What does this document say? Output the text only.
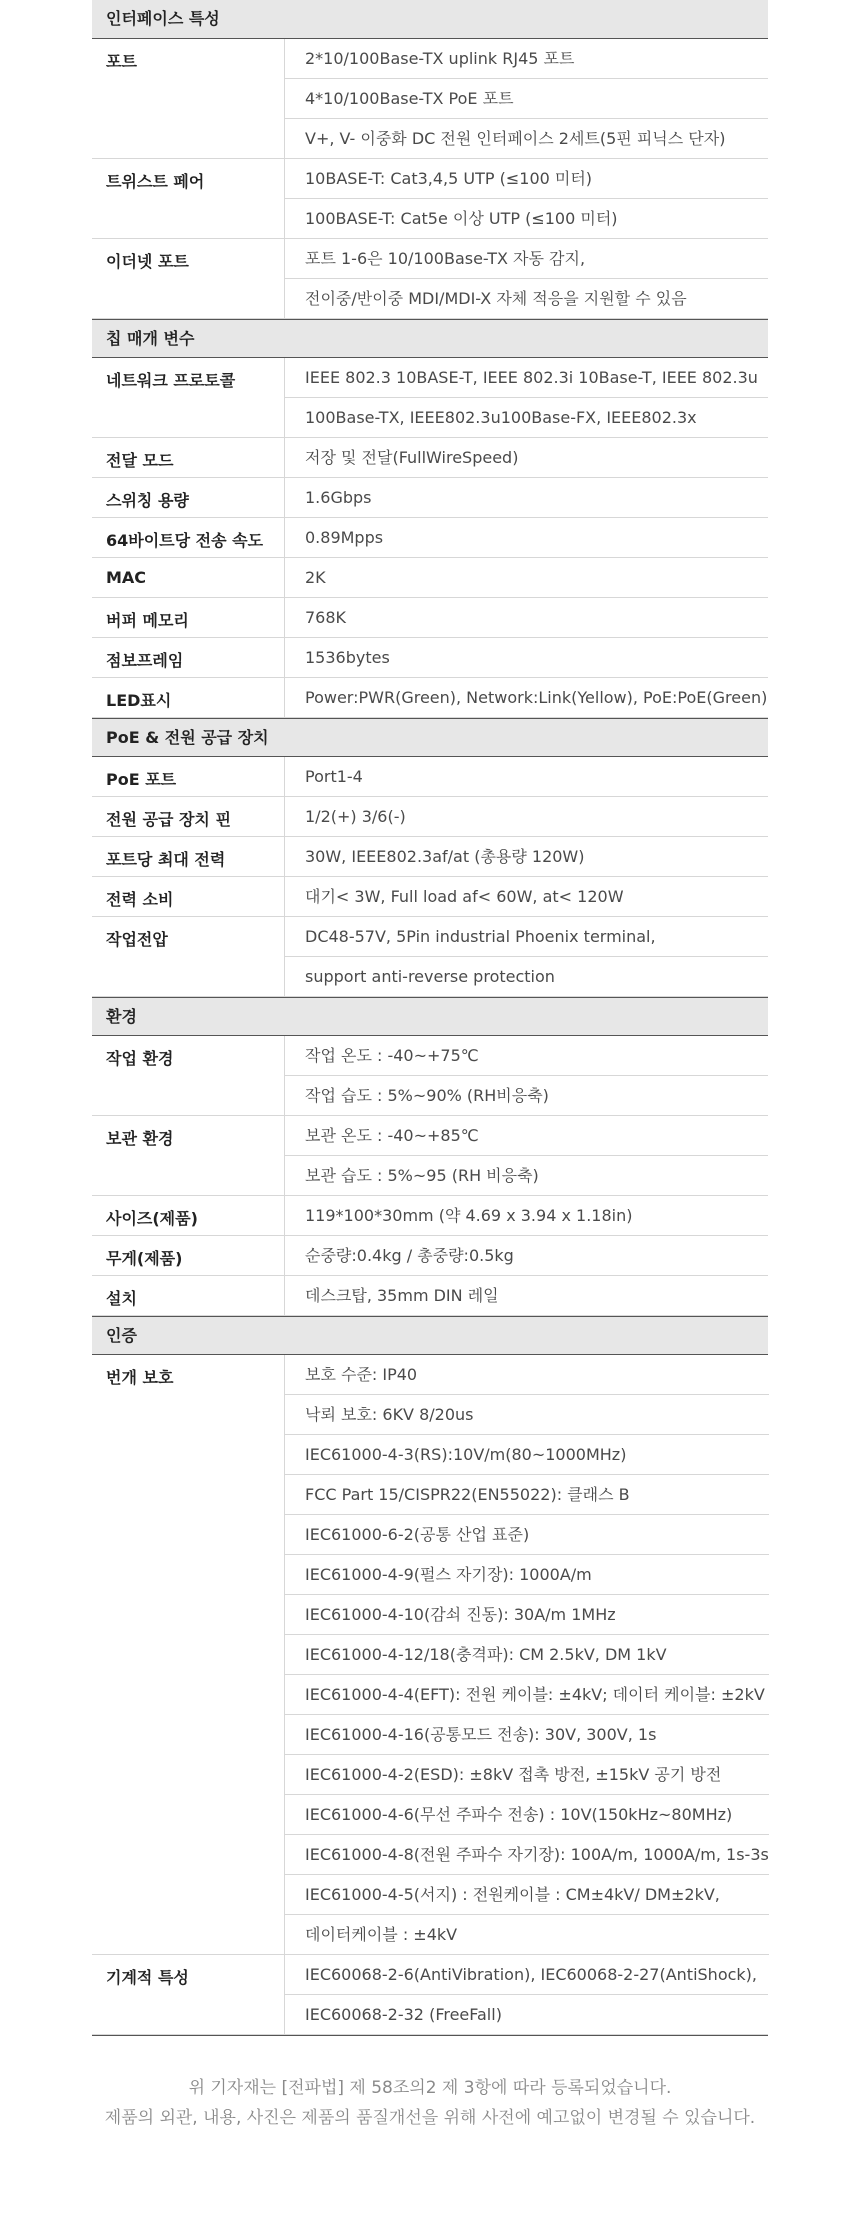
인터페이스 특성
포트	2*10/100Base-TX uplink RJ45 포트
4*10/100Base-TX PoE 포트
V+, V- 이중화 DC 전원 인터페이스 2세트(5핀 피닉스 단자)
트위스트 페어	10BASE-T: Cat3,4,5 UTP (≤100 미터)
100BASE-T: Cat5e 이상 UTP (≤100 미터)
이더넷 포트	포트 1-6은 10/100Base-TX 자동 감지,
전이중/반이중 MDI/MDI-X 자체 적응을 지원할 수 있음
칩 매개 변수
네트워크 프로토콜	IEEE 802.3 10BASE-T, IEEE 802.3i 10Base-T, IEEE 802.3u
100Base-TX, IEEE802.3u100Base-FX, IEEE802.3x
전달 모드	저장 및 전달(FullWireSpeed)
스위칭 용량	1.6Gbps
64바이트당 전송 속도	0.89Mpps
MAC	2K
버퍼 메모리	768K
점보프레임	1536bytes
LED표시	Power:PWR(Green), Network:Link(Yellow), PoE:PoE(Green)
PoE & 전원 공급 장치
PoE 포트	Port1-4
전원 공급 장치 핀	1/2(+) 3/6(-)
포트당 최대 전력	30W, IEEE802.3af/at (총용량 120W)
전력 소비	대기< 3W, Full load af< 60W, at< 120W
작업전압	DC48-57V, 5Pin industrial Phoenix terminal,
support anti-reverse protection
환경
작업 환경	작업 온도 : -40~+75℃
작업 습도 : 5%~90% (RH비응축)
보관 환경	보관 온도 : -40~+85℃
보관 습도 : 5%~95 (RH 비응축)
사이즈(제품)	119*100*30mm (약 4.69 x 3.94 x 1.18in)
무게(제품)	순중량:0.4kg / 총중량:0.5kg
설치	데스크탑, 35mm DIN 레일
인증
번개 보호	보호 수준: IP40
낙뢰 보호: 6KV 8/20us
IEC61000-4-3(RS):10V/m(80~1000MHz)
FCC Part 15/CISPR22(EN55022): 클래스 B
IEC61000-6-2(공통 산업 표준)
IEC61000-4-9(펄스 자기장): 1000A/m
IEC61000-4-10(감쇠 진동): 30A/m 1MHz
IEC61000-4-12/18(충격파): CM 2.5kV, DM 1kV
IEC61000-4-4(EFT): 전원 케이블: ±4kV; 데이터 케이블: ±2kV
IEC61000-4-16(공통모드 전송): 30V, 300V, 1s
IEC61000-4-2(ESD): ±8kV 접촉 방전, ±15kV 공기 방전
IEC61000-4-6(무선 주파수 전송) : 10V(150kHz~80MHz)
IEC61000-4-8(전원 주파수 자기장): 100A/m, 1000A/m, 1s-3s
IEC61000-4-5(서지) : 전원케이블 : CM±4kV/ DM±2kV,
데이터케이블 : ±4kV
기계적 특성	IEC60068-2-6(AntiVibration), IEC60068-2-27(AntiShock),
IEC60068-2-32 (FreeFall)
위 기자재는 [전파법] 제 58조의2 제 3항에 따라 등록되었습니다.
제품의 외관, 내용, 사진은 제품의 품질개선을 위해 사전에 예고없이 변경될 수 있습니다.
